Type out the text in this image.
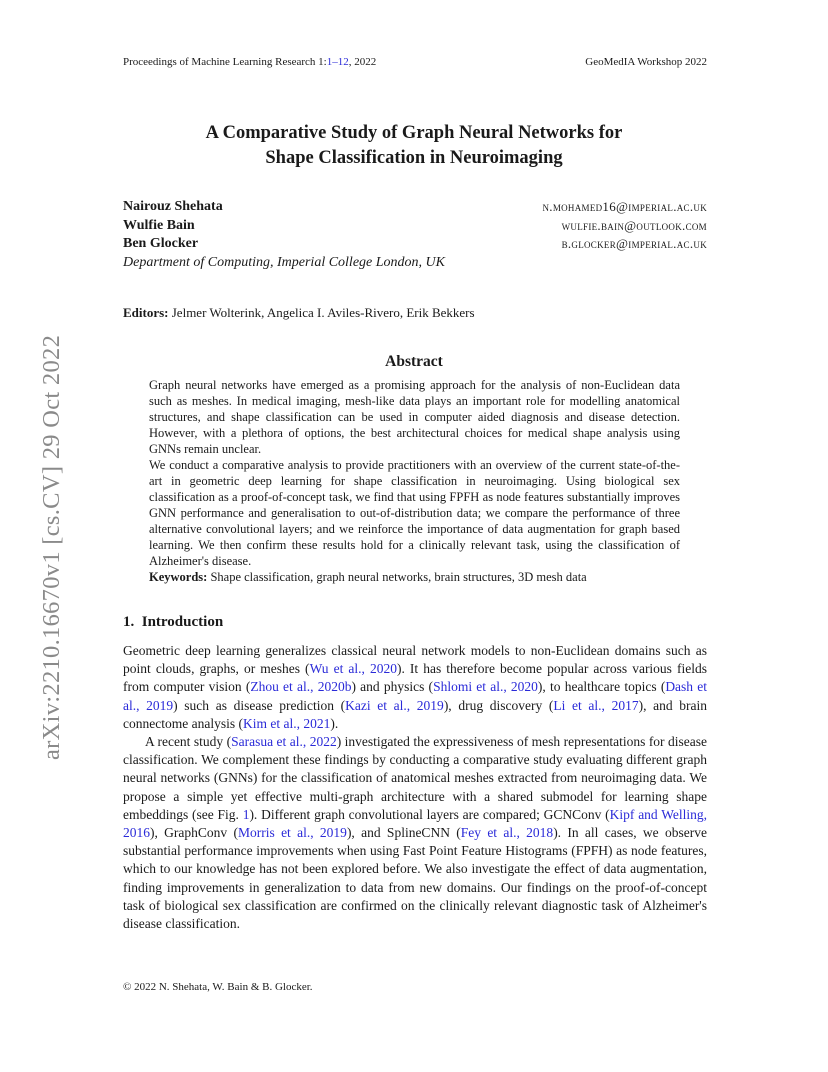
Proceedings of Machine Learning Research 1:1–12, 2022	GeoMedIA Workshop 2022
arXiv:2210.16670v1 [cs.CV] 29 Oct 2022
A Comparative Study of Graph Neural Networks for
Shape Classification in Neuroimaging
Nairouz Shehata	n.mohamed16@imperial.ac.uk
Wulfie Bain	wulfie.bain@outlook.com
Ben Glocker	b.glocker@imperial.ac.uk
Department of Computing, Imperial College London, UK
Editors: Jelmer Wolterink, Angelica I. Aviles-Rivero, Erik Bekkers
Abstract

Graph neural networks have emerged as a promising approach for the analysis of non-Euclidean data such as meshes. In medical imaging, mesh-like data plays an important role for modelling anatomical structures, and shape classification can be used in computer aided diagnosis and disease detection. However, with a plethora of options, the best architectural choices for medical shape analysis using GNNs remain unclear.

We conduct a comparative analysis to provide practitioners with an overview of the current state-of-the-art in geometric deep learning for shape classification in neuroimaging. Using biological sex classification as a proof-of-concept task, we find that using FPFH as node features substantially improves GNN performance and generalisation to out-of-distribution data; we compare the performance of three alternative convolutional layers; and we reinforce the importance of data augmentation for graph based learning. We then confirm these results hold for a clinically relevant task, using the classification of Alzheimer's disease.

Keywords: Shape classification, graph neural networks, brain structures, 3D mesh data

1. Introduction

Geometric deep learning generalizes classical neural network models to non-Euclidean domains such as point clouds, graphs, or meshes (Wu et al., 2020). It has therefore become popular across various fields from computer vision (Zhou et al., 2020b) and physics (Shlomi et al., 2020), to healthcare topics (Dash et al., 2019) such as disease prediction (Kazi et al., 2019), drug discovery (Li et al., 2017), and brain connectome analysis (Kim et al., 2021).

A recent study (Sarasua et al., 2022) investigated the expressiveness of mesh representations for disease classification. We complement these findings by conducting a comparative study evaluating different graph neural networks (GNNs) for the classification of anatomical meshes extracted from neuroimaging data. We propose a simple yet effective multi-graph architecture with a shared submodel for learning shape embeddings (see Fig. 1). Different graph convolutional layers are compared; GCNConv (Kipf and Welling, 2016), GraphConv (Morris et al., 2019), and SplineCNN (Fey et al., 2018). In all cases, we observe substantial performance improvements when using Fast Point Feature Histograms (FPFH) as node features, which to our knowledge has not been explored before. We also investigate the effect of data augmentation, finding improvements in generalization to data from new domains. Our findings on the proof-of-concept task of biological sex classification are confirmed on the clinically relevant diagnostic task of Alzheimer's disease classification.

© 2022 N. Shehata, W. Bain & B. Glocker.
